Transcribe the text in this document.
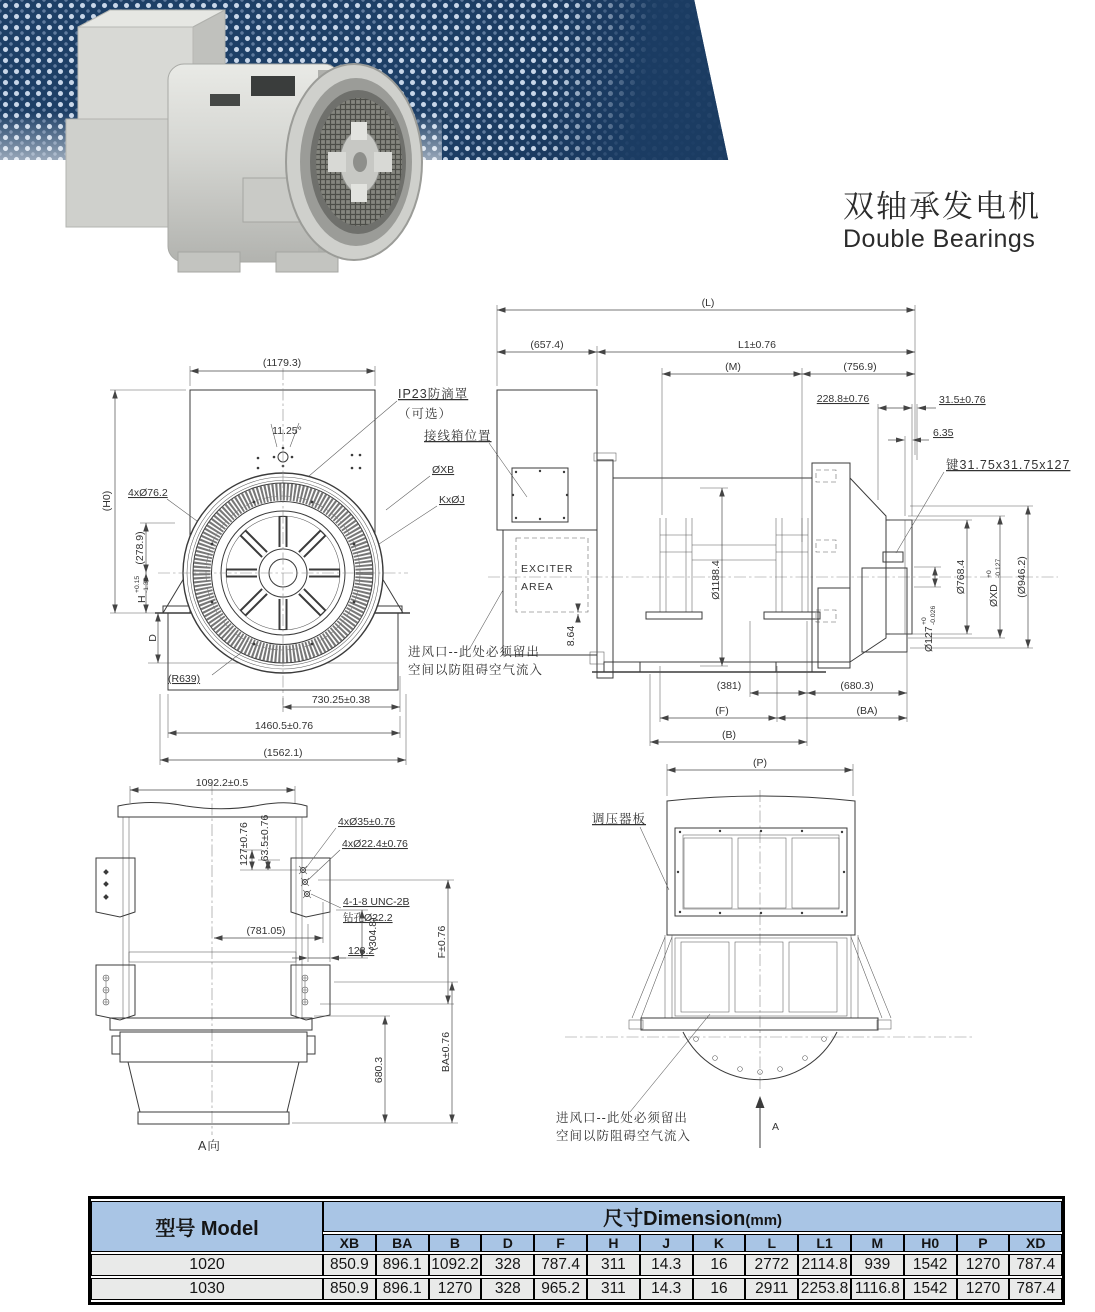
双轴承发电机
Double Bearings
11.25°
(1179.3)
(H0)
(278.9)
H
+0.15 -1.36
D
4xØ76.2
IP23防滴罩
（可选）
接线箱位置
ØXB
KxØJ
(R639)
730.25±0.38
1460.5±0.76
(1562.1)
EXCITER
AREA
8.64
Ø1188.4
键31.75x31.75x127
(L)
(657.4)	L1±0.76
(M)	(756.9)
228.8±0.76	31.5±0.76
6.35
Ø768.4
ØXD
+0 -0.127 (Ø946.2)
Ø127
+0 -0.026
进风口--此处必须留出
空间以防阻碍空气流入
(381)	(680.3)
(F)	(BA)
(B)
1092.2±0.5
127±0.76 63.5±0.76	4xØ35±0.76
4xØ22.4±0.76
4-1-8 UNC-2B
钻孔Ø22.2
(781.05)
128.2
(304.8)	F±0.76
680.3	BA±0.76
A向
(P)
调压器板
A
进风口--此处必须留出
空间以防阻碍空气流入
型号 Model	尺寸Dimension(mm)													
	XB	BA	B	D	F	H	J	K	L	L1	M	H0	P	XD
1020	850.9	896.1	1092.2	328	787.4	311	14.3	16	2772	2114.8	939	1542	1270	787.4
1030	850.9	896.1	1270	328	965.2	311	14.3	16	2911	2253.8	1116.8	1542	1270	787.4
